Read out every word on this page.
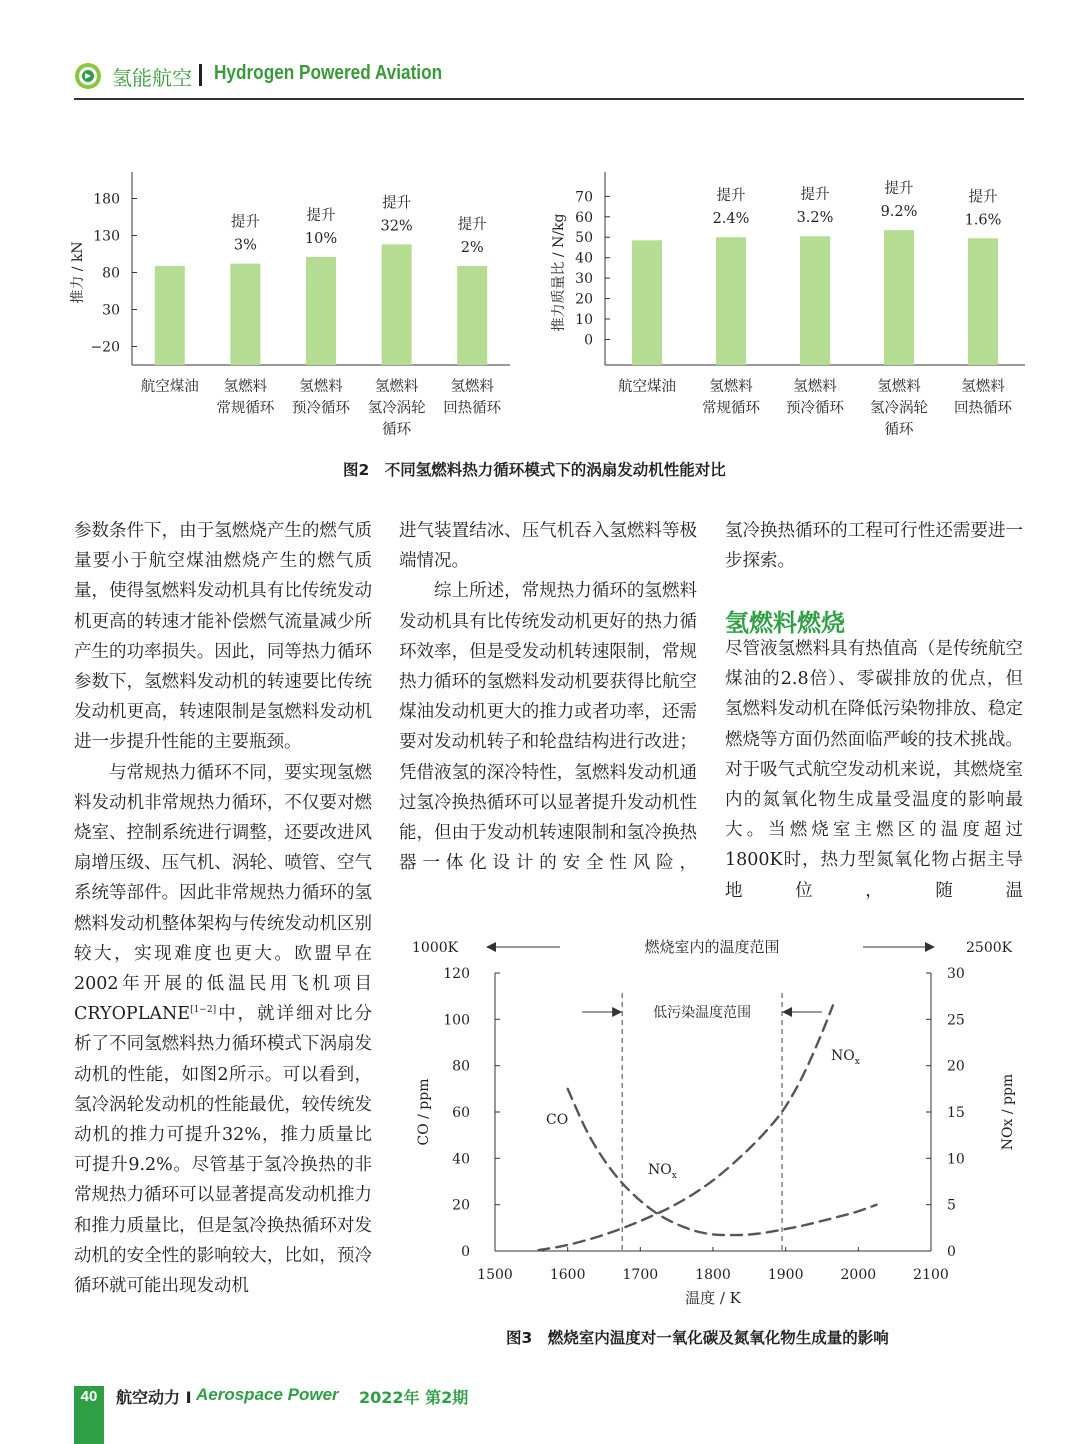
氢能航空 Hydrogen Powered Aviation
180
130
80
30
−20
推力 / kN
航空煤油
提升
3%
氢燃料
常规循环
提升
10%
氢燃料
预冷循环
提升
32%
氢燃料
氢冷涡轮
循环
提升
2%
氢燃料
回热循环
70
60
50
40
30
20
10
0
推力质量比 / N/kg
航空煤油
提升
2.4%
氢燃料
常规循环
提升
3.2%
氢燃料
预冷循环
提升
9.2%
氢燃料
氢冷涡轮
循环
提升
1.6%
氢燃料
回热循环
图2　不同氢燃料热力循环模式下的涡扇发动机性能对比

参数条件下，由于氢燃烧产生的燃气质量要小于航空煤油燃烧产生的燃气质量，使得氢燃料发动机具有比传统发动机更高的转速才能补偿燃气流量减少所产生的功率损失。因此，同等热力循环参数下，氢燃料发动机的转速要比传统发动机更高，转速限制是氢燃料发动机进一步提升性能的主要瓶颈。

与常规热力循环不同，要实现氢燃料发动机非常规热力循环，不仅要对燃烧室、控制系统进行调整，还要改进风扇增压级、压气机、涡轮、喷管、空气系统等部件。因此非常规热力循环的氢燃料发动机整体架构与传统发动机区别较大，实现难度也更大。欧盟早在2002年开展的低温民用飞机项目CRYOPLANE[1−2]中，就详细对比分析了不同氢燃料热力循环模式下涡扇发动机的性能，如图2所示。可以看到，氢冷涡轮发动机的性能最优，较传统发动机的推力可提升32%，推力质量比可提升9.2%。尽管基于氢冷换热的非常规热力循环可以显著提高发动机推力和推力质量比，但是氢冷换热循环对发动机的安全性的影响较大，比如，预冷循环就可能出现发动机

进气装置结冰、压气机吞入氢燃料等极端情况。

综上所述，常规热力循环的氢燃料发动机具有比传统发动机更好的热力循环效率，但是受发动机转速限制，常规热力循环的氢燃料发动机要获得比航空煤油发动机更大的推力或者功率，还需要对发动机转子和轮盘结构进行改进；凭借液氢的深冷特性，氢燃料发动机通过氢冷换热循环可以显著提升发动机性能，但由于发动机转速限制和氢冷换热器一体化设计的安全性风险，

氢冷换热循环的工程可行性还需要进一步探索。

氢燃料燃烧

尽管液氢燃料具有热值高（是传统航空煤油的2.8倍）、零碳排放的优点，但氢燃料发动机在降低污染物排放、稳定燃烧等方面仍然面临严峻的技术挑战。对于吸气式航空发动机来说，其燃烧室内的氮氧化物生成量受温度的影响最大。当燃烧室主燃区的温度超过1800K时，热力型氮氧化物占据主导地位，随温

1000K	2500K
燃烧室内的温度范围
0
20
40
60
80
100
120
0
5
10
15
20
25
30
1500	1600	1700	1800	1900	2000	2100
温度 / K
CO / ppm	NOx / ppm
低污染温度范围
CO
$NO_x$
$NO_x$
图3　燃烧室内温度对一氧化碳及氮氧化物生成量的影响
40	航空动力 I Aerospace Power 2022年 第2期
